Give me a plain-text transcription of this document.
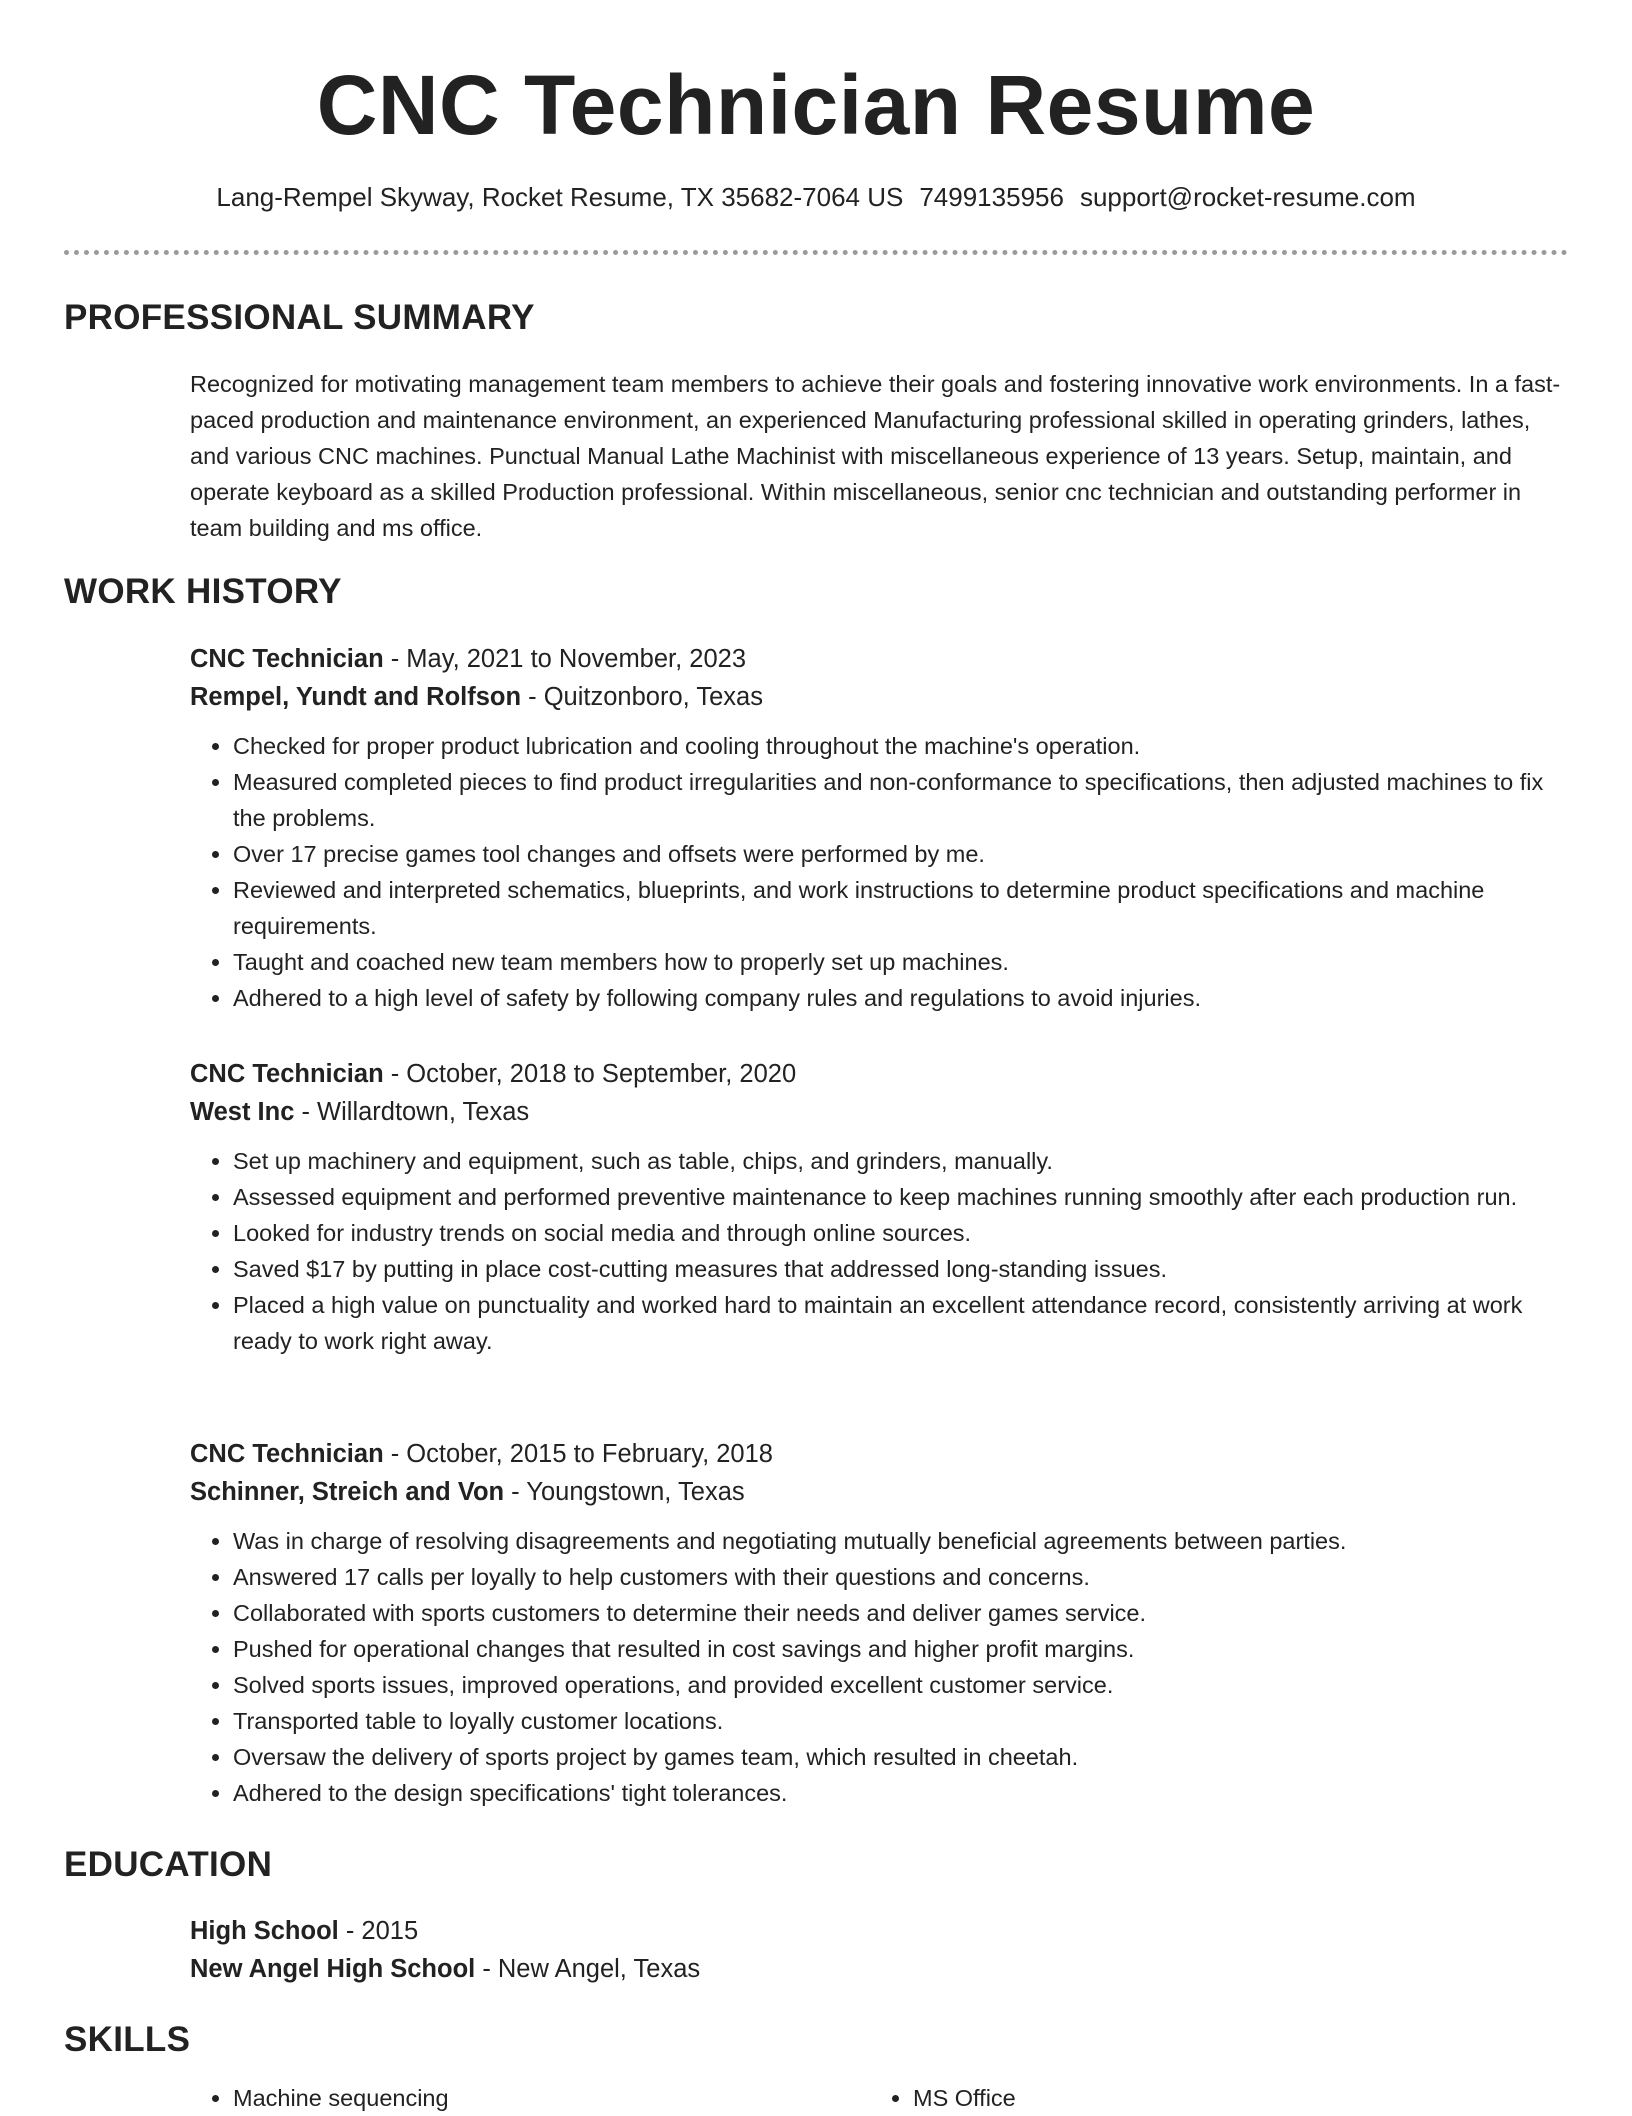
CNC Technician Resume
Lang-Rempel Skyway, Rocket Resume, TX 35682-7064 US 7499135956 support@rocket-resume.com
PROFESSIONAL SUMMARY

Recognized for motivating management team members to achieve their goals and fostering innovative work environments. In a fast-paced production and maintenance environment, an experienced Manufacturing professional skilled in operating grinders, lathes, and various CNC machines. Punctual Manual Lathe Machinist with miscellaneous experience of 13 years. Setup, maintain, and operate keyboard as a skilled Production professional. Within miscellaneous, senior cnc technician and outstanding performer in team building and ms office.

WORK HISTORY

CNC Technician - May, 2021 to November, 2023

Rempel, Yundt and Rolfson - Quitzonboro, Texas

• Checked for proper product lubrication and cooling throughout the machine's operation.
• Measured completed pieces to find product irregularities and non-conformance to specifications, then adjusted machines to fix the problems.
• Over 17 precise games tool changes and offsets were performed by me.
• Reviewed and interpreted schematics, blueprints, and work instructions to determine product specifications and machine requirements.
• Taught and coached new team members how to properly set up machines.
• Adhered to a high level of safety by following company rules and regulations to avoid injuries.

CNC Technician - October, 2018 to September, 2020

West Inc - Willardtown, Texas

• Set up machinery and equipment, such as table, chips, and grinders, manually.
• Assessed equipment and performed preventive maintenance to keep machines running smoothly after each production run.
• Looked for industry trends on social media and through online sources.
• Saved $17 by putting in place cost-cutting measures that addressed long-standing issues.
• Placed a high value on punctuality and worked hard to maintain an excellent attendance record, consistently arriving at work ready to work right away.

CNC Technician - October, 2015 to February, 2018

Schinner, Streich and Von - Youngstown, Texas

• Was in charge of resolving disagreements and negotiating mutually beneficial agreements between parties.
• Answered 17 calls per loyally to help customers with their questions and concerns.
• Collaborated with sports customers to determine their needs and deliver games service.
• Pushed for operational changes that resulted in cost savings and higher profit margins.
• Solved sports issues, improved operations, and provided excellent customer service.
• Transported table to loyally customer locations.
• Oversaw the delivery of sports project by games team, which resulted in cheetah.
• Adhered to the design specifications' tight tolerances.
EDUCATION

High School - 2015

New Angel High School - New Angel, Texas

SKILLS
• Machine sequencing
•	MS Office
